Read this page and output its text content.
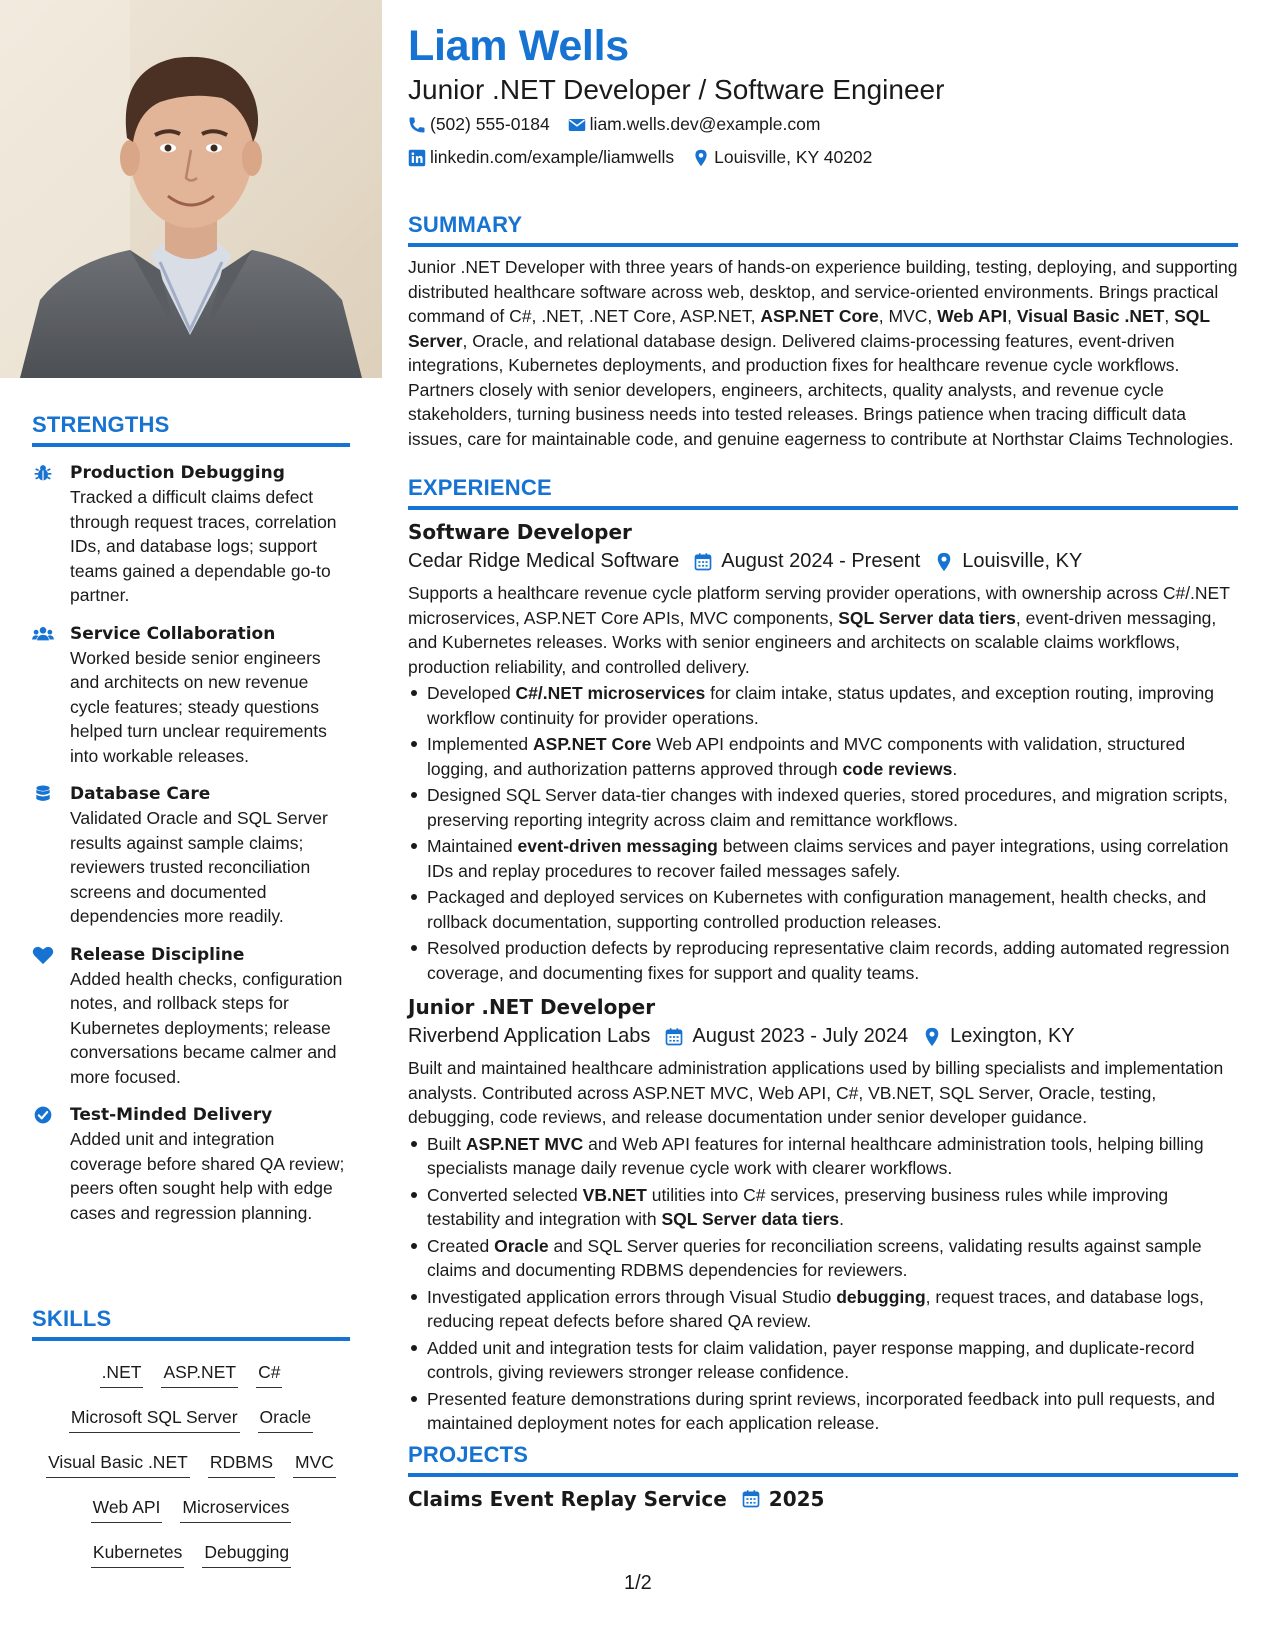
STRENGTHS
Production Debugging
Tracked a difficult claims defect through request traces, correlation IDs, and database logs; support teams gained a dependable go-to partner.
Service Collaboration
Worked beside senior engineers and architects on new revenue cycle features; steady questions helped turn unclear requirements into workable releases.
Database Care
Validated Oracle and SQL Server results against sample claims; reviewers trusted reconciliation screens and documented dependencies more readily.
Release Discipline
Added health checks, configuration notes, and rollback steps for Kubernetes deployments; release conversations became calmer and more focused.
Test-Minded Delivery
Added unit and integration coverage before shared QA review; peers often sought help with edge cases and regression planning.
SKILLS
.NET ASP.NET C#
Microsoft SQL Server Oracle
Visual Basic .NET RDBMS MVC
Web API Microservices
Kubernetes Debugging
Liam Wells
Junior .NET Developer / Software Engineer
(502) 555-0184 liam.wells.dev@example.com
linkedin.com/example/liamwells Louisville, KY 40202
SUMMARY
Junior .NET Developer with three years of hands-on experience building, testing, deploying, and supporting distributed healthcare software across web, desktop, and service-oriented environments. Brings practical command of C#, .NET, .NET Core, ASP.NET, ASP.NET Core, MVC, Web API, Visual Basic .NET, SQL Server, Oracle, and relational database design. Delivered claims-processing features, event-driven integrations, Kubernetes deployments, and production fixes for healthcare revenue cycle workflows. Partners closely with senior developers, engineers, architects, quality analysts, and revenue cycle stakeholders, turning business needs into tested releases. Brings patience when tracing difficult data issues, care for maintainable code, and genuine eagerness to contribute at Northstar Claims Technologies.
EXPERIENCE
Software Developer
Cedar Ridge Medical Software August 2024 - Present Louisville, KY
Supports a healthcare revenue cycle platform serving provider operations, with ownership across C#/.NET microservices, ASP.NET Core APIs, MVC components, SQL Server data tiers, event-driven messaging, and Kubernetes releases. Works with senior engineers and architects on scalable claims workflows, production reliability, and controlled delivery.
Developed C#/.NET microservices for claim intake, status updates, and exception routing, improving workflow continuity for provider operations.
Implemented ASP.NET Core Web API endpoints and MVC components with validation, structured logging, and authorization patterns approved through code reviews.
Designed SQL Server data-tier changes with indexed queries, stored procedures, and migration scripts, preserving reporting integrity across claim and remittance workflows.
Maintained event-driven messaging between claims services and payer integrations, using correlation IDs and replay procedures to recover failed messages safely.
Packaged and deployed services on Kubernetes with configuration management, health checks, and rollback documentation, supporting controlled production releases.
Resolved production defects by reproducing representative claim records, adding automated regression coverage, and documenting fixes for support and quality teams.
Junior .NET Developer
Riverbend Application Labs August 2023 - July 2024 Lexington, KY
Built and maintained healthcare administration applications used by billing specialists and implementation analysts. Contributed across ASP.NET MVC, Web API, C#, VB.NET, SQL Server, Oracle, testing, debugging, code reviews, and release documentation under senior developer guidance.
Built ASP.NET MVC and Web API features for internal healthcare administration tools, helping billing specialists manage daily revenue cycle work with clearer workflows.
Converted selected VB.NET utilities into C# services, preserving business rules while improving testability and integration with SQL Server data tiers.
Created Oracle and SQL Server queries for reconciliation screens, validating results against sample claims and documenting RDBMS dependencies for reviewers.
Investigated application errors through Visual Studio debugging, request traces, and database logs, reducing repeat defects before shared QA review.
Added unit and integration tests for claim validation, payer response mapping, and duplicate-record controls, giving reviewers stronger release confidence.
Presented feature demonstrations during sprint reviews, incorporated feedback into pull requests, and maintained deployment notes for each application release.
PROJECTS
Claims Event Replay Service 2025
1/2
